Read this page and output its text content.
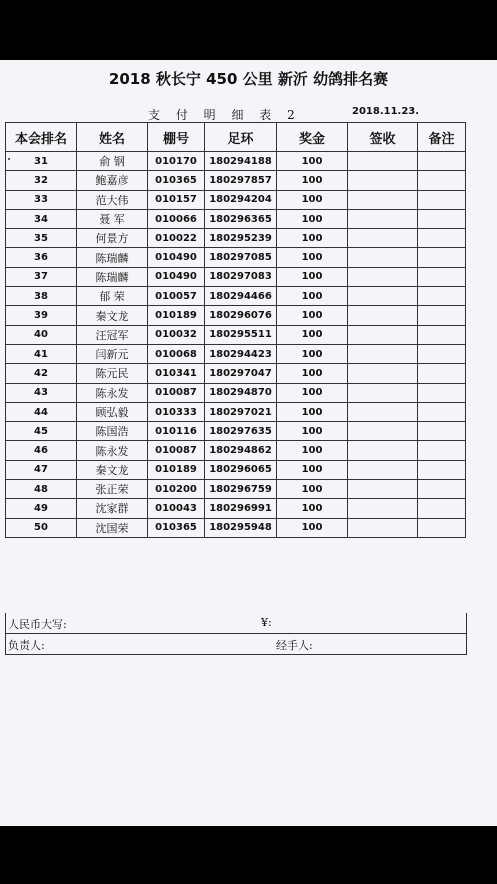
2018 秋长宁 450 公里 新沂 幼鸽排名赛
支 付 明 细 表 2	2018.11.23.
本会排名	姓名	棚号	足环	奖金	签收	备注
31	俞 钢	010170	180294188	100		
32	鲍嘉彦	010365	180297857	100		
33	范大伟	010157	180294204	100		
34	聂 军	010066	180296365	100		
35	何景方	010022	180295239	100		
36	陈瑞麟	010490	180297085	100		
37	陈瑞麟	010490	180297083	100		
38	郁 荣	010057	180294466	100		
39	秦文龙	010189	180296076	100		
40	汪冠军	010032	180295511	100		
41	闫新元	010068	180294423	100		
42	陈元民	010341	180297047	100		
43	陈永发	010087	180294870	100		
44	顾弘毅	010333	180297021	100		
45	陈国浩	010116	180297635	100		
46	陈永发	010087	180294862	100		
47	秦文龙	010189	180296065	100		
48	张正荣	010200	180296759	100		
49	沈家群	010043	180296991	100		
50	沈国荣	010365	180295948	100		
人民币大写:	¥:
负责人:	经手人:
